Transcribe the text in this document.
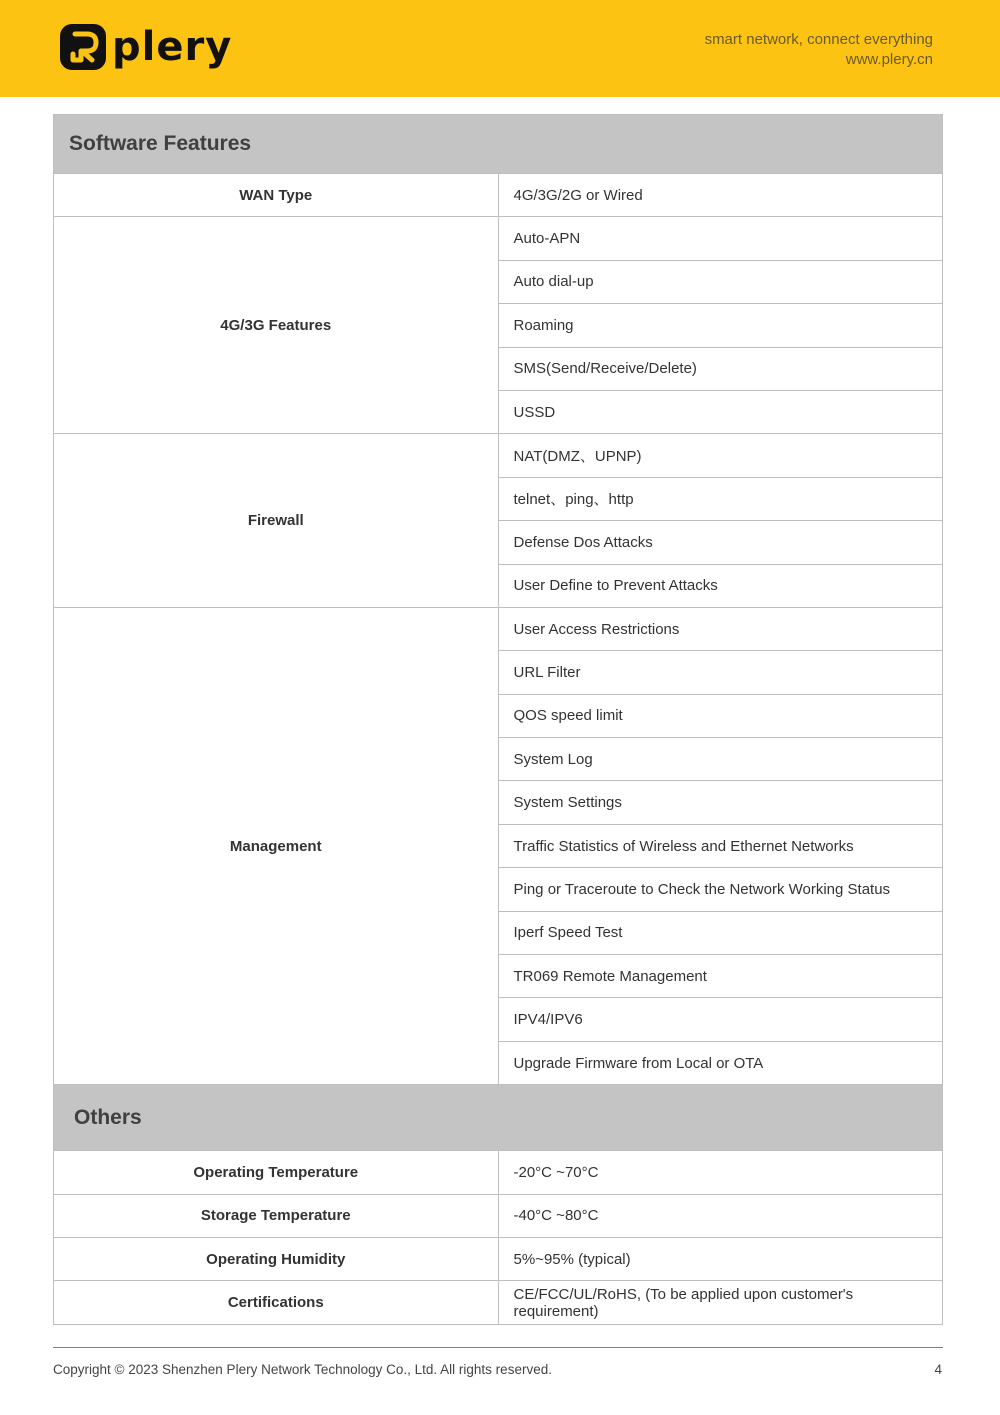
plery	smart network, connect everything
www.plery.cn
Software Features	
WAN Type	4G/3G/2G or Wired
4G/3G Features	Auto-APN
	Auto dial-up
	Roaming
	SMS(Send/Receive/Delete)
	USSD
Firewall	NAT(DMZ、UPNP)
	telnet、ping、http
	Defense Dos Attacks
	User Define to Prevent Attacks
Management	User Access Restrictions
	URL Filter
	QOS speed limit
	System Log
	System Settings
	Traffic Statistics of Wireless and Ethernet Networks
	Ping or Traceroute to Check the Network Working Status
	Iperf Speed Test
	TR069 Remote Management
	IPV4/IPV6
	Upgrade Firmware from Local or OTA
Others	
Operating Temperature	-20°C ~70°C
Storage Temperature	-40°C ~80°C
Operating Humidity	5%~95% (typical)
Certifications	CE/FCC/UL/RoHS, (To be applied upon customer's requirement)
Copyright © 2023 Shenzhen Plery Network Technology Co., Ltd. All rights reserved.	4
